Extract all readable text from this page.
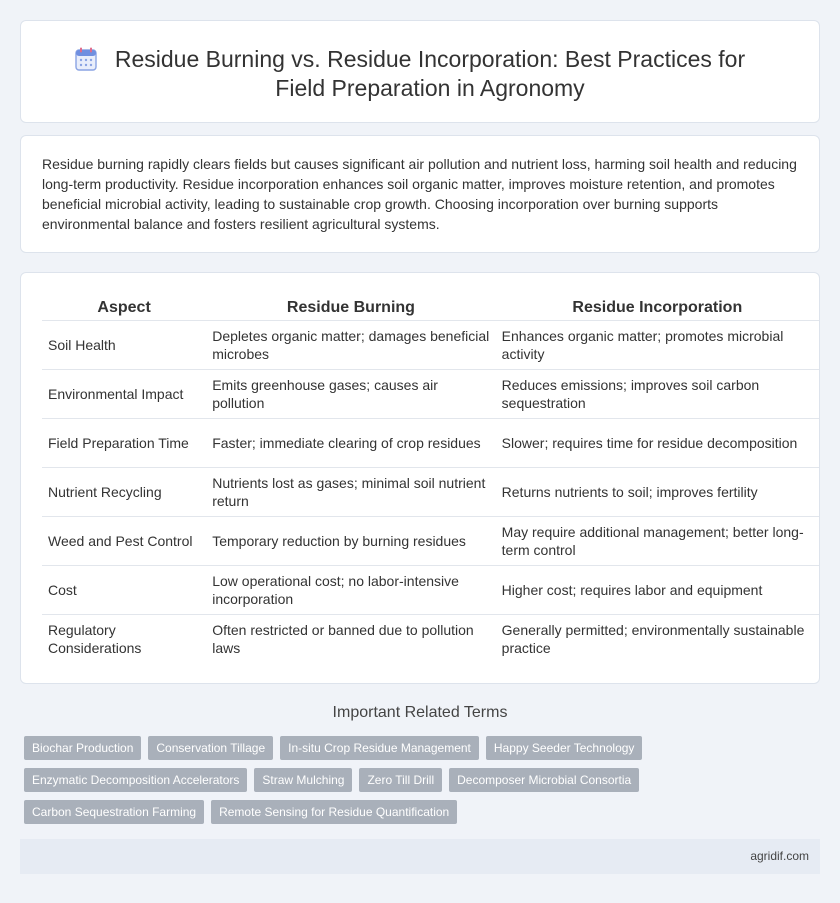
Residue Burning vs. Residue Incorporation: Best Practices for
Field Preparation in Agronomy

Residue burning rapidly clears fields but causes significant air pollution and nutrient loss, harming soil health and reducing long-term productivity. Residue incorporation enhances soil organic matter, improves moisture retention, and promotes beneficial microbial activity, leading to sustainable crop growth. Choosing incorporation over burning supports environmental balance and fosters resilient agricultural systems.

Aspect	Residue Burning	Residue Incorporation
Soil Health	Depletes organic matter; damages beneficial microbes	Enhances organic matter; promotes microbial activity
Environmental Impact	Emits greenhouse gases; causes air pollution	Reduces emissions; improves soil carbon sequestration
Field Preparation Time	Faster; immediate clearing of crop residues	Slower; requires time for residue decomposition
Nutrient Recycling	Nutrients lost as gases; minimal soil nutrient return	Returns nutrients to soil; improves fertility
Weed and Pest Control	Temporary reduction by burning residues	May require additional management; better long-term control
Cost	Low operational cost; no labor-intensive incorporation	Higher cost; requires labor and equipment
Regulatory Considerations	Often restricted or banned due to pollution laws	Generally permitted; environmentally sustainable practice
Important Related Terms
Biochar Production	Conservation Tillage	In-situ Crop Residue Management	Happy Seeder Technology
Enzymatic Decomposition Accelerators	Straw Mulching	Zero Till Drill	Decomposer Microbial Consortia
Carbon Sequestration Farming	Remote Sensing for Residue Quantification
agridif.com
